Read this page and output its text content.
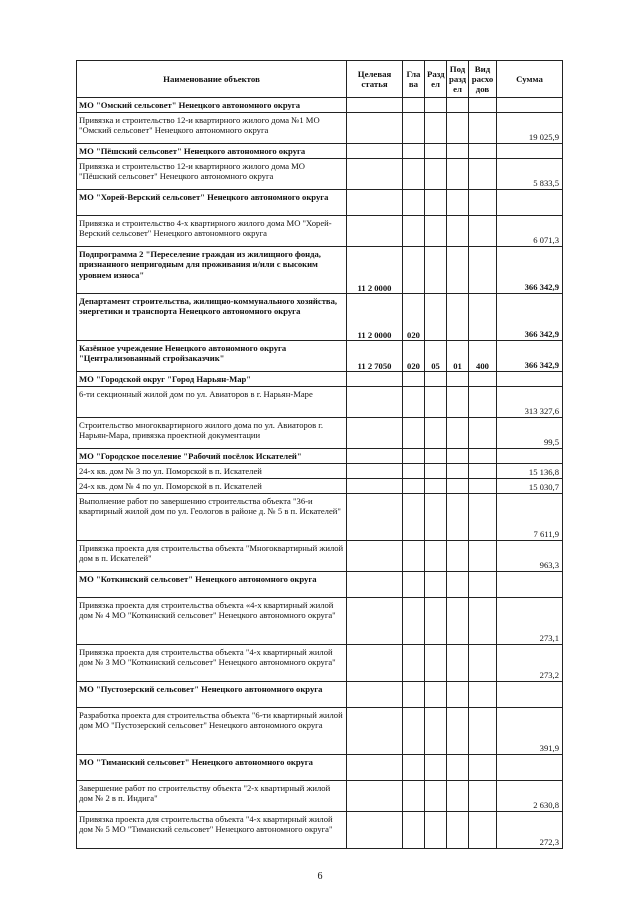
Наименование объектов	Целевая статья	Гла ва	Разд ел	Под разд ел	Вид расхо дов	Сумма
МО "Омский сельсовет" Ненецкого автономного округа						
Привязка и строительство 12-и квартирного жилого дома №1 МО "Омский сельсовет" Ненецкого автономного округа						19 025,9
МО "Пёшский сельсовет" Ненецкого автономного округа						
Привязка и строительство 12-и квартирного жилого дома МО "Пёшский сельсовет" Ненецкого автономного округа						5 833,5
МО "Хорей-Верский сельсовет" Ненецкого автономного округа						
Привязка и строительство 4-х квартирного жилого дома МО "Хорей-Верский сельсовет" Ненецкого автономного округа						6 071,3
Подпрограмма 2 "Переселение граждан из жилищного фонда, признанного непригодным для проживания и/или с высоким уровнем износа"	11 2 0000					366 342,9
Департамент строительства, жилищно-коммунального хозяйства, энергетики и транспорта Ненецкого автономного округа	11 2 0000	020				366 342,9
Казённое учреждение Ненецкого автономного округа "Централизованный стройзаказчик"	11 2 7050	020	05	01	400	366 342,9
МО "Городской округ "Город Нарьян-Мар"						
6-ти секционный жилой дом по ул. Авиаторов в г. Нарьян-Маре						313 327,6
Строительство многоквартирного жилого дома по ул. Авиаторов г. Нарьян-Мара, привязка проектной документации						99,5
МО "Городское поселение "Рабочий посёлок Искателей"						
24-х кв. дом № 3 по ул. Поморской в п. Искателей						15 136,8
24-х кв. дом № 4 по ул. Поморской в п. Искателей						15 030,7
Выполнение работ по завершению строительства объекта "36-и квартирный жилой дом по ул. Геологов в районе д. № 5 в п. Искателей"						7 611,9
Привязка проекта для строительства объекта "Многоквартирный жилой дом в п. Искателей"						963,3
МО "Коткинский сельсовет" Ненецкого автономного округа						
Привязка проекта для строительства объекта «4-х квартирный жилой дом № 4 МО "Коткинский сельсовет" Ненецкого автономного округа"						273,1
Привязка проекта для строительства объекта "4-х квартирный жилой дом № 3 МО "Коткинский сельсовет" Ненецкого автономного округа"						273,2
МО "Пустозерский сельсовет" Ненецкого автономного округа						
Разработка проекта для строительства объекта "6-ти квартирный жилой дом МО "Пустозерский сельсовет" Ненецкого автономного округа						391,9
МО "Тиманский сельсовет" Ненецкого автономного округа						
Завершение работ по строительству объекта "2-х квартирный жилой дом № 2 в п. Индига"						2 630,8
Привязка проекта для строительства объекта "4-х квартирный жилой дом № 5 МО "Тиманский сельсовет" Ненецкого автономного округа"						272,3
6
